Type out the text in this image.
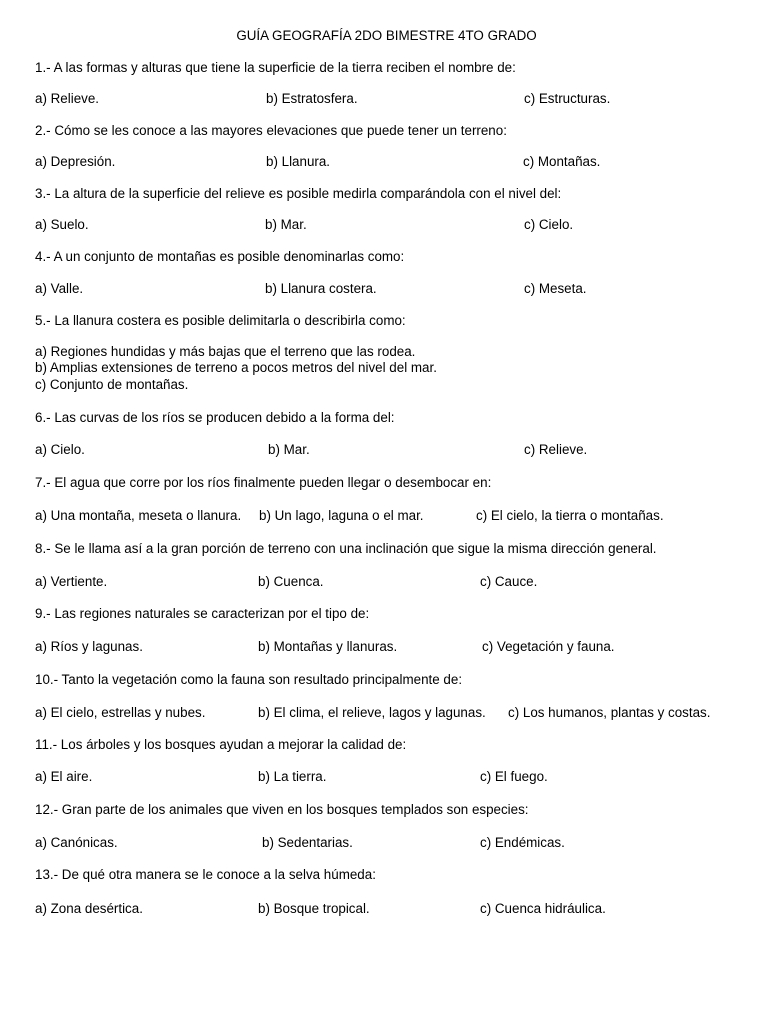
GUÍA GEOGRAFÍA 2DO BIMESTRE 4TO GRADO
1.- A las formas y alturas que tiene la superficie de la tierra reciben el nombre de:
a) Relieve.	b) Estratosfera.	c) Estructuras.
2.- Cómo se les conoce a las mayores elevaciones que puede tener un terreno:
a) Depresión.	b) Llanura.	c) Montañas.
3.- La altura de la superficie del relieve es posible medirla comparándola con el nivel del:
a) Suelo.	b) Mar.	c) Cielo.
4.- A un conjunto de montañas es posible denominarlas como:
a) Valle.	b) Llanura costera.	c) Meseta.
5.- La llanura costera es posible delimitarla o describirla como:
a) Regiones hundidas y más bajas que el terreno que las rodea.
b) Amplias extensiones de terreno a pocos metros del nivel del mar.
c) Conjunto de montañas.
6.- Las curvas de los ríos se producen debido a la forma del:
a) Cielo.	b) Mar.	c) Relieve.
7.- El agua que corre por los ríos finalmente pueden llegar o desembocar en:
a) Una montaña, meseta o llanura. b) Un lago, laguna o el mar.	c) El cielo, la tierra o montañas.
8.- Se le llama así a la gran porción de terreno con una inclinación que sigue la misma dirección general.
a) Vertiente.	b) Cuenca.	c) Cauce.
9.- Las regiones naturales se caracterizan por el tipo de:
a) Ríos y lagunas.	b) Montañas y llanuras.	c) Vegetación y fauna.
10.- Tanto la vegetación como la fauna son resultado principalmente de:
a) El cielo, estrellas y nubes.	b) El clima, el relieve, lagos y lagunas. c) Los humanos, plantas y costas.
11.- Los árboles y los bosques ayudan a mejorar la calidad de:
a) El aire.	b) La tierra.	c) El fuego.
12.- Gran parte de los animales que viven en los bosques templados son especies:
a) Canónicas.	b) Sedentarias.	c) Endémicas.
13.- De qué otra manera se le conoce a la selva húmeda:
a) Zona desértica.	b) Bosque tropical.	c) Cuenca hidráulica.
